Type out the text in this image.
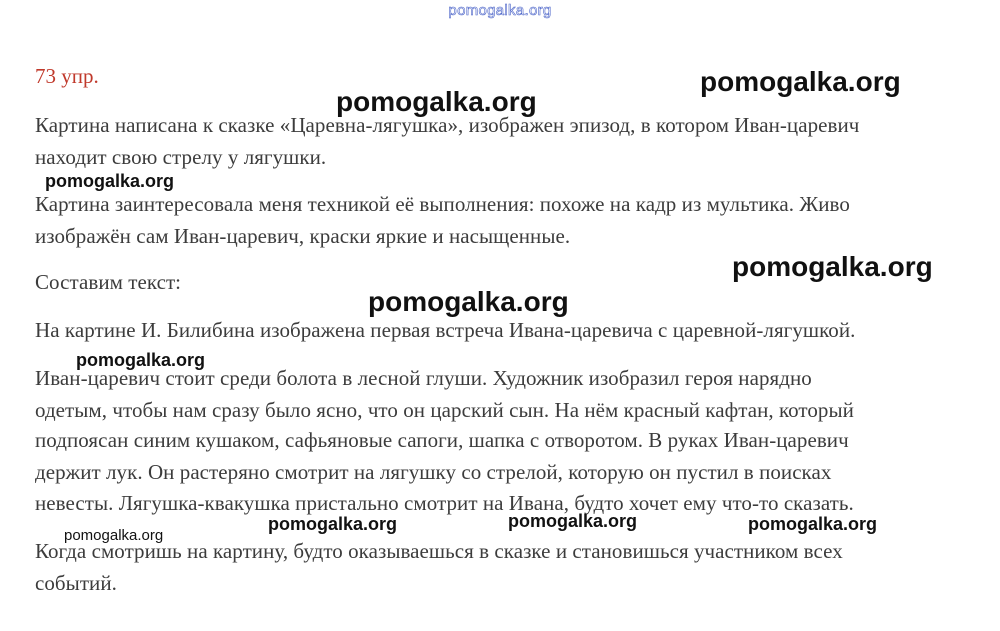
pomogalka.org
73 упр.
Картина написана к сказке «Царевна-лягушка», изображен эпизод, в котором Иван-царевич
находит свою стрелу у лягушки.
Картина заинтересовала меня техникой её выполнения: похоже на кадр из мультика. Живо
изображён сам Иван-царевич, краски яркие и насыщенные.
Составим текст:
На картине И. Билибина изображена первая встреча Ивана-царевича с царевной-лягушкой.
Иван-царевич стоит среди болота в лесной глуши. Художник изобразил героя нарядно
одетым, чтобы нам сразу было ясно, что он царский сын. На нём красный кафтан, который
подпоясан синим кушаком, сафьяновые сапоги, шапка с отворотом. В руках Иван-царевич
держит лук. Он растеряно смотрит на лягушку со стрелой, которую он пустил в поисках
невесты. Лягушка-квакушка пристально смотрит на Ивана, будто хочет ему что-то сказать.
Когда смотришь на картину, будто оказываешься в сказке и становишься участником всех
событий.
pomogalka.org
pomogalka.org
pomogalka.org
pomogalka.org
pomogalka.org
pomogalka.org
pomogalka.org	pomogalka.org	pomogalka.org
pomogalka.org
